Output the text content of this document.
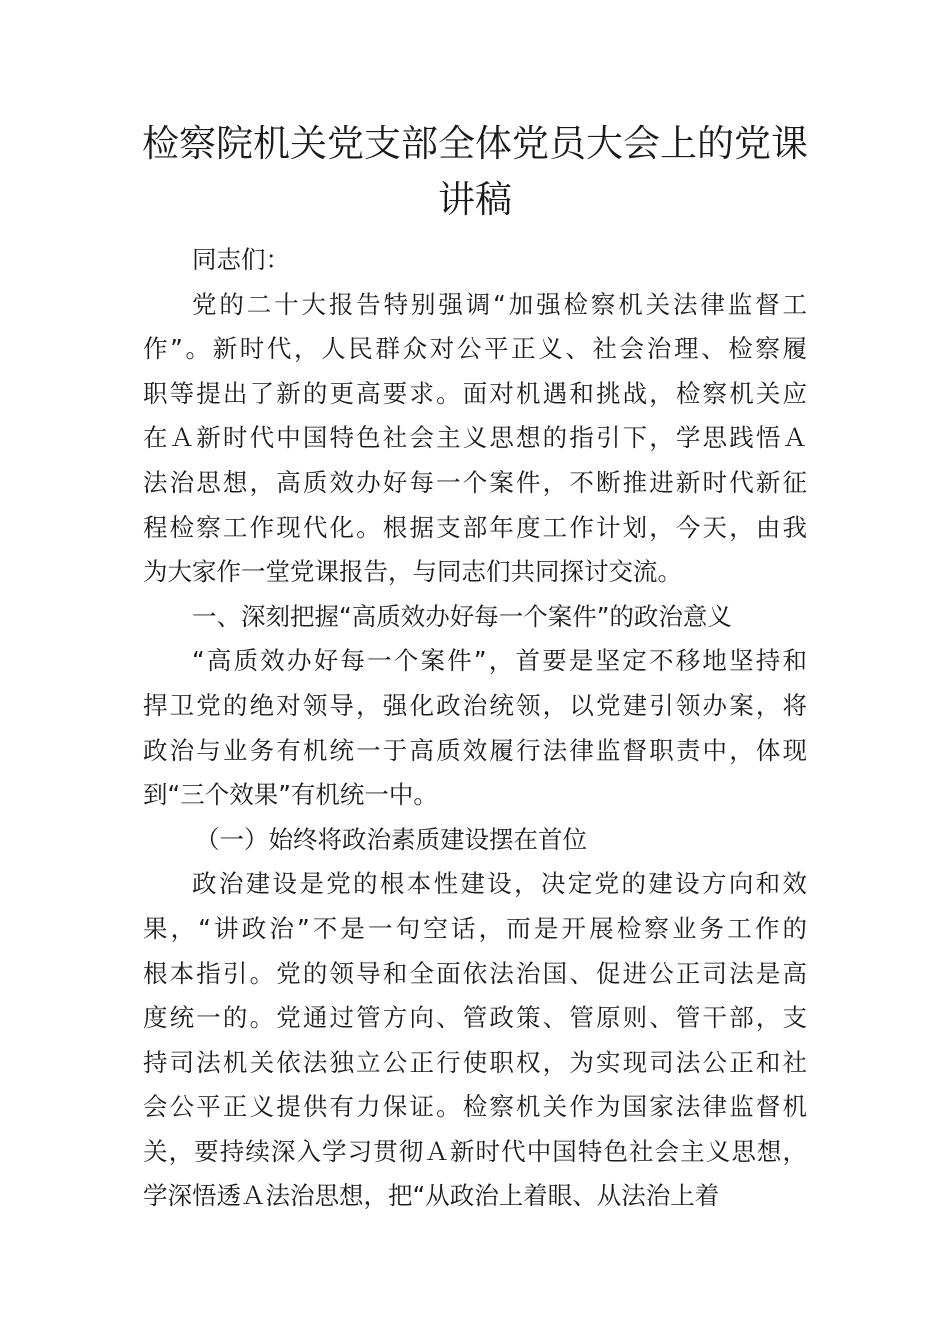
检察院机关党支部全体党员大会上的党课
讲稿
同志们：
党的二十大报告特别强调“加强检察机关法律监督工
作”。新时代，人民群众对公平正义、社会治理、检察履
职等提出了新的更高要求。面对机遇和挑战，检察机关应
在Ａ新时代中国特色社会主义思想的指引下，学思践悟Ａ
法治思想，高质效办好每一个案件，不断推进新时代新征
程检察工作现代化。根据支部年度工作计划，今天，由我
为大家作一堂党课报告，与同志们共同探讨交流。
一、深刻把握“高质效办好每一个案件”的政治意义
“高质效办好每一个案件”，首要是坚定不移地坚持和
捍卫党的绝对领导，强化政治统领，以党建引领办案，将
政治与业务有机统一于高质效履行法律监督职责中，体现
到“三个效果”有机统一中。
（一）始终将政治素质建设摆在首位
政治建设是党的根本性建设，决定党的建设方向和效
果，“讲政治”不是一句空话，而是开展检察业务工作的
根本指引。党的领导和全面依法治国、促进公正司法是高
度统一的。党通过管方向、管政策、管原则、管干部，支
持司法机关依法独立公正行使职权，为实现司法公正和社
会公平正义提供有力保证。检察机关作为国家法律监督机
关，要持续深入学习贯彻Ａ新时代中国特色社会主义思想，
学深悟透Ａ法治思想，把“从政治上着眼、从法治上着
